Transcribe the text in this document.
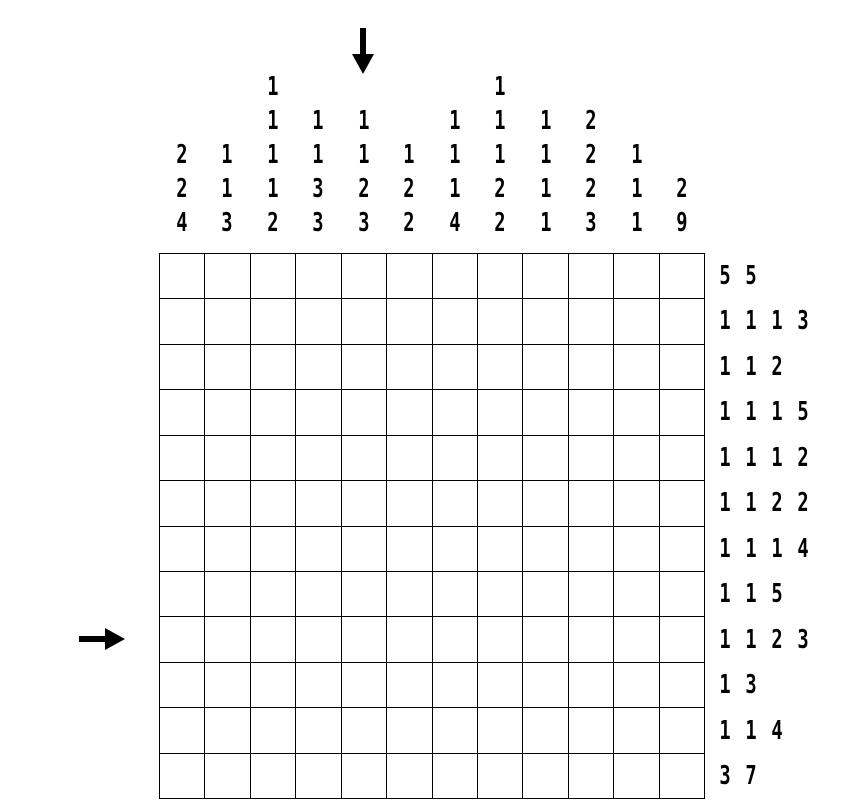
2
2
4
1
1
3
1
1
1
1
2
1
1
3
3
1
1
2
3
1
2
2
1
1
1
4
1
1
1
2
2
1
1
1
1
2
2
2
3
1
1
1
2
9
5 5
1 1 1 3
1 1 2
1 1 1 5
1 1 1 2
1 1 2 2
1 1 1 4
1 1 5
1 1 2 3
1 3
1 1 4
3 7
